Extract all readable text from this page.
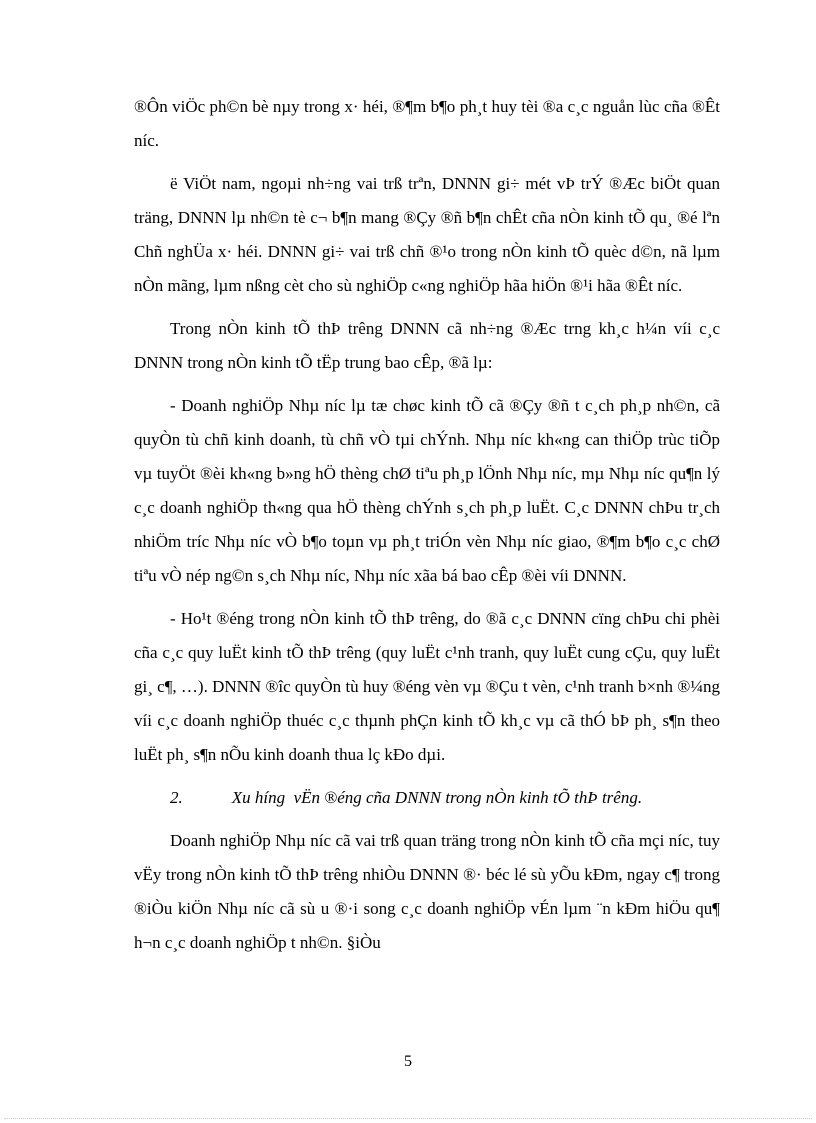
®Ôn viÖc ph©n bè nµy trong x· héi, ®¶m b¶o ph¸t huy tèi ®a c¸c nguån lùc cña ®Êt níc.

ë ViÖt nam, ngoµi nh÷ng vai trß trªn, DNNN gi÷ mét vÞ trÝ ®Æc biÖt quan träng, DNNN lµ nh©n tè c¬ b¶n mang ®Çy ®ñ b¶n chÊt cña nÒn kinh tÕ qu¸ ®é lªn Chñ nghÜa x· héi. DNNN gi÷ vai trß chñ ®¹o trong nÒn kinh tÕ quèc d©n, nã lµm nÒn mãng, lµm nßng cèt cho sù nghiÖp c«ng nghiÖp hãa hiÖn ®¹i hãa ®Êt níc.

Trong nÒn kinh tÕ thÞ trêng DNNN cã nh÷ng ®Æc trng kh¸c h¼n víi c¸c DNNN trong nÒn kinh tÕ tËp trung bao cÊp, ®ã lµ:

- Doanh nghiÖp Nhµ níc lµ tæ chøc kinh tÕ cã ®Çy ®ñ t c¸ch ph¸p nh©n, cã quyÒn tù chñ kinh doanh, tù chñ vÒ tµi chÝnh. Nhµ níc kh«ng can thiÖp trùc tiÕp vµ tuyÖt ®èi kh«ng b»ng hÖ thèng chØ tiªu ph¸p lÖnh Nhµ níc, mµ Nhµ níc qu¶n lý c¸c doanh nghiÖp th«ng qua hÖ thèng chÝnh s¸ch ph¸p luËt. C¸c DNNN chÞu tr¸ch nhiÖm tríc Nhµ níc vÒ b¶o toµn vµ ph¸t triÓn vèn Nhµ níc giao, ®¶m b¶o c¸c chØ tiªu vÒ nép ng©n s¸ch Nhµ níc, Nhµ níc xãa bá bao cÊp ®èi víi DNNN.

- Ho¹t ®éng trong nÒn kinh tÕ thÞ trêng, do ®ã c¸c DNNN cïng chÞu chi phèi cña c¸c quy luËt kinh tÕ thÞ trêng (quy luËt c¹nh tranh, quy luËt cung cÇu, quy luËt gi¸ c¶, …). DNNN ®îc quyÒn tù huy ®éng vèn vµ ®Çu t vèn, c¹nh tranh b×nh ®¼ng víi c¸c doanh nghiÖp thuéc c¸c thµnh phÇn kinh tÕ kh¸c vµ cã thÓ bÞ ph¸ s¶n theo luËt ph¸ s¶n nÕu kinh doanh thua lç kÐo dµi.

2.	Xu híng  vËn ®éng cña DNNN trong nÒn kinh tÕ thÞ trêng.

Doanh nghiÖp Nhµ níc cã vai trß quan träng trong nÒn kinh tÕ cña mçi níc, tuy vËy trong nÒn kinh tÕ thÞ trêng nhiÒu DNNN ®· béc lé sù yÕu kÐm, ngay c¶ trong ®iÒu kiÖn Nhµ níc cã sù u ®·i song c¸c doanh nghiÖp vÉn lµm ¨n kÐm hiÖu qu¶ h¬n c¸c doanh nghiÖp t nh©n. §iÒu

5
